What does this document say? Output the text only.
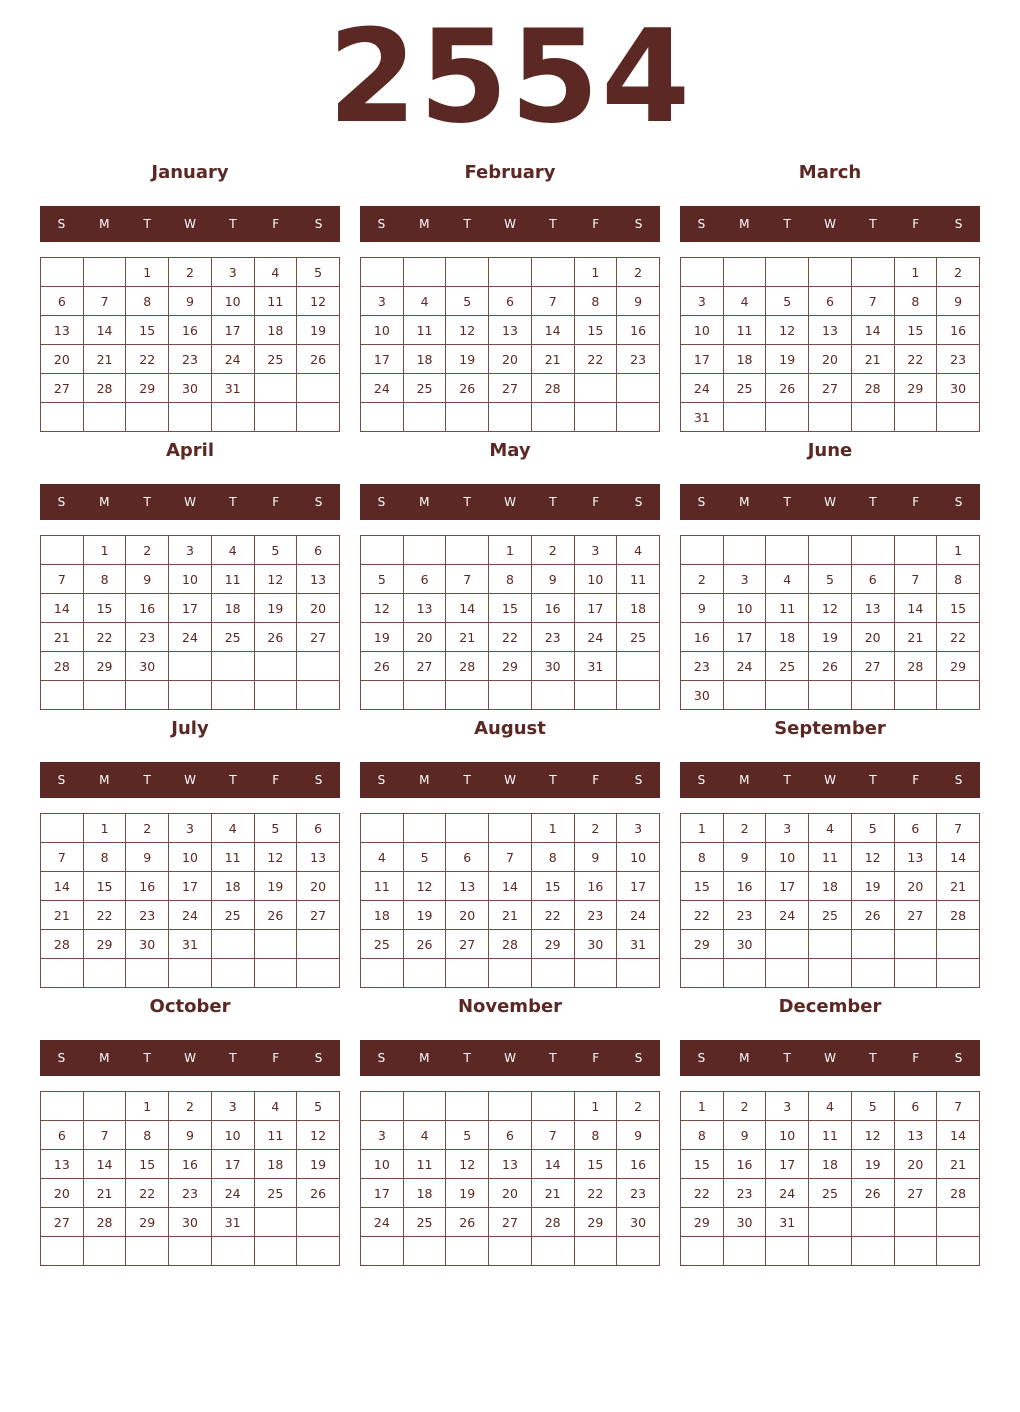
2554
January
S	M	T	W	T	F	S
		1	2	3	4	5
6	7	8	9	10	11	12
13	14	15	16	17	18	19
20	21	22	23	24	25	26
27	28	29	30	31		

February
S	M	T	W	T	F	S
					1	2
3	4	5	6	7	8	9
10	11	12	13	14	15	16
17	18	19	20	21	22	23
24	25	26	27	28		

March
S	M	T	W	T	F	S
					1	2
3	4	5	6	7	8	9
10	11	12	13	14	15	16
17	18	19	20	21	22	23
24	25	26	27	28	29	30
31						
April
S	M	T	W	T	F	S
	1	2	3	4	5	6
7	8	9	10	11	12	13
14	15	16	17	18	19	20
21	22	23	24	25	26	27
28	29	30				

May
S	M	T	W	T	F	S
			1	2	3	4
5	6	7	8	9	10	11
12	13	14	15	16	17	18
19	20	21	22	23	24	25
26	27	28	29	30	31	

June
S	M	T	W	T	F	S
						1
2	3	4	5	6	7	8
9	10	11	12	13	14	15
16	17	18	19	20	21	22
23	24	25	26	27	28	29
30						
July
S	M	T	W	T	F	S
	1	2	3	4	5	6
7	8	9	10	11	12	13
14	15	16	17	18	19	20
21	22	23	24	25	26	27
28	29	30	31			

August
S	M	T	W	T	F	S
				1	2	3
4	5	6	7	8	9	10
11	12	13	14	15	16	17
18	19	20	21	22	23	24
25	26	27	28	29	30	31

September
S	M	T	W	T	F	S
1	2	3	4	5	6	7
8	9	10	11	12	13	14
15	16	17	18	19	20	21
22	23	24	25	26	27	28
29	30					

October
S	M	T	W	T	F	S
		1	2	3	4	5
6	7	8	9	10	11	12
13	14	15	16	17	18	19
20	21	22	23	24	25	26
27	28	29	30	31		

November
S	M	T	W	T	F	S
					1	2
3	4	5	6	7	8	9
10	11	12	13	14	15	16
17	18	19	20	21	22	23
24	25	26	27	28	29	30

December
S	M	T	W	T	F	S
1	2	3	4	5	6	7
8	9	10	11	12	13	14
15	16	17	18	19	20	21
22	23	24	25	26	27	28
29	30	31				
